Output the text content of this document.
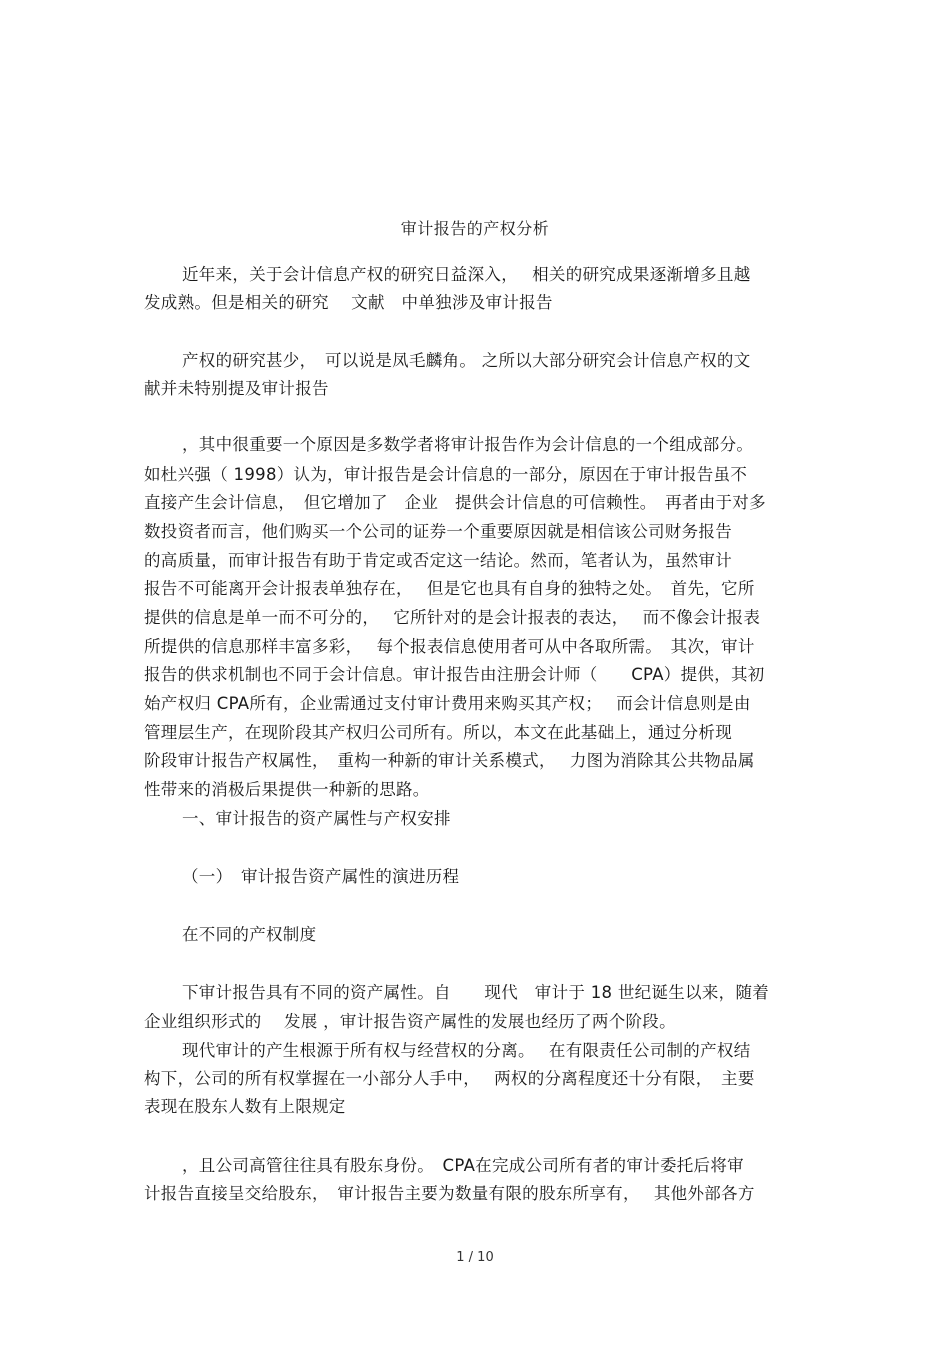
审计报告的产权分析
近年来，关于会计信息产权的研究日益深入，　 相关的研究成果逐渐增多且越
发成熟。但是相关的研究　 文献　中单独涉及审计报告
产权的研究甚少，　可以说是凤毛麟角。 之所以大部分研究会计信息产权的文
献并未特别提及审计报告
，其中很重要一个原因是多数学者将审计报告作为会计信息的一个组成部分。
如杜兴强（ 1998）认为，审计报告是会计信息的一部分，原因在于审计报告虽不
直接产生会计信息，　但它增加了　企业　提供会计信息的可信赖性。　再者由于对多
数投资者而言，他们购买一个公司的证券一个重要原因就是相信该公司财务报告
的高质量，而审计报告有助于肯定或否定这一结论。然而，笔者认为，虽然审计
报告不可能离开会计报表单独存在，　 但是它也具有自身的独特之处。　首先，它所
提供的信息是单一而不可分的，　 它所针对的是会计报表的表达，　 而不像会计报表
所提供的信息那样丰富多彩，　 每个报表信息使用者可从中各取所需。　其次，审计
报告的供求机制也不同于会计信息。审计报告由注册会计师（　　CPA）提供，其初
始产权归 CPA所有，企业需通过支付审计费用来购买其产权；　 而会计信息则是由
管理层生产，在现阶段其产权归公司所有。所以，本文在此基础上，通过分析现
阶段审计报告产权属性，　重构一种新的审计关系模式，　 力图为消除其公共物品属
性带来的消极后果提供一种新的思路。
一、审计报告的资产属性与产权安排
（一）　审计报告资产属性的演进历程
在不同的产权制度
下审计报告具有不同的资产属性。自　　现代　审计于 18 世纪诞生以来，随着
企业组织形式的　 发展 ，审计报告资产属性的发展也经历了两个阶段。
现代审计的产生根源于所有权与经营权的分离。　 在有限责任公司制的产权结
构下，公司的所有权掌握在一小部分人手中，　 两权的分离程度还十分有限，　主要
表现在股东人数有上限规定
，且公司高管往往具有股东身份。　CPA在完成公司所有者的审计委托后将审
计报告直接呈交给股东，　审计报告主要为数量有限的股东所享有，　 其他外部各方
1 / 10
